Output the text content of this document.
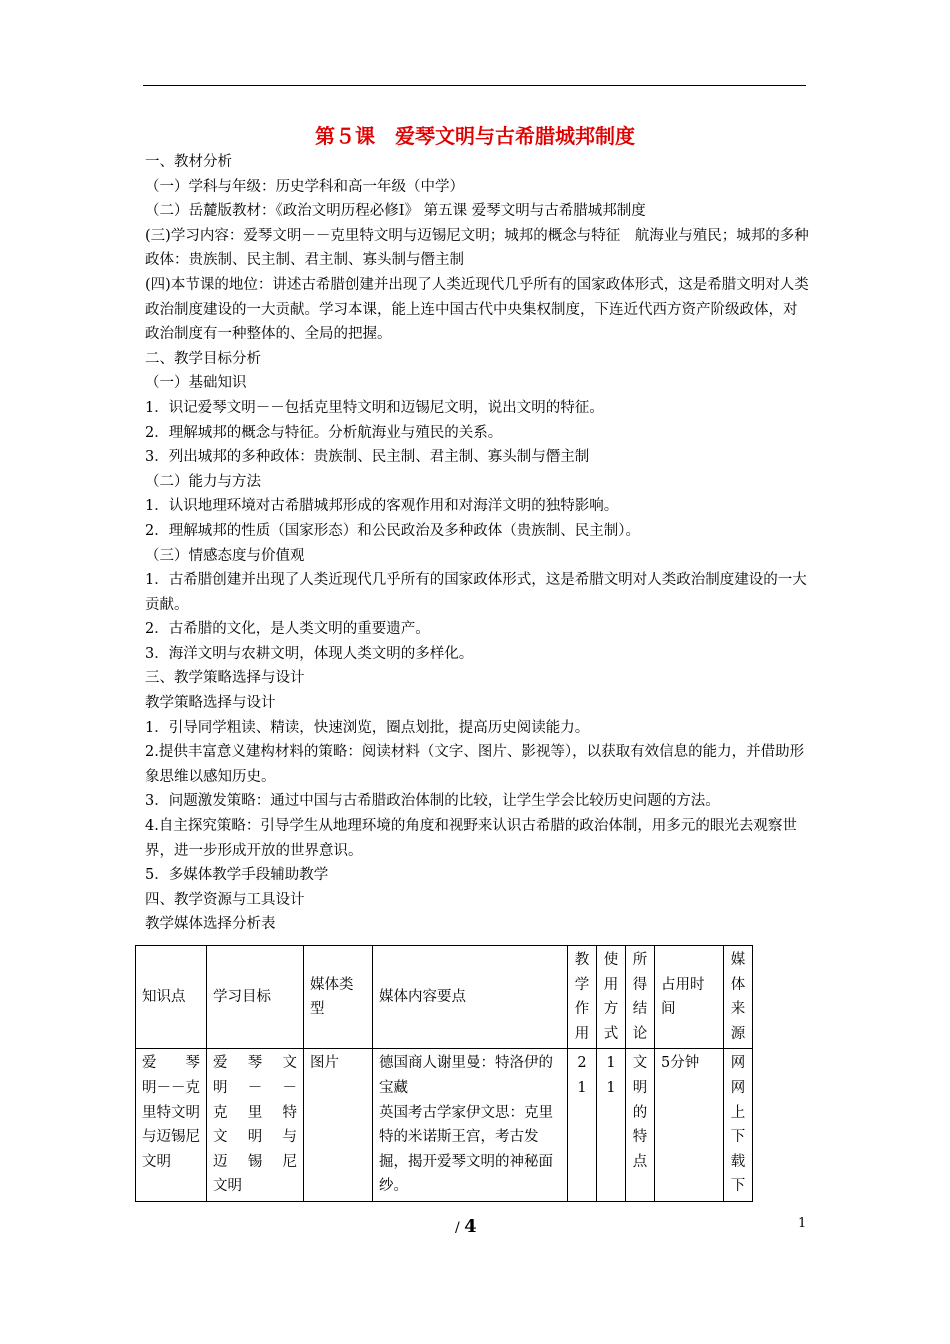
第５课　爱琴文明与古希腊城邦制度

一、教材分析

（一）学科与年级：历史学科和高一年级（中学）

（二）岳麓版教材：《政治文明历程必修Ⅰ》 第五课 爱琴文明与古希腊城邦制度

(三)学习内容：爱琴文明－－克里特文明与迈锡尼文明；城邦的概念与特征　航海业与殖民；城邦的多种政体：贵族制、民主制、君主制、寡头制与僭主制

(四)本节课的地位：讲述古希腊创建并出现了人类近现代几乎所有的国家政体形式，这是希腊文明对人类政治制度建设的一大贡献。学习本课，能上连中国古代中央集权制度，下连近代西方资产阶级政体，对政治制度有一种整体的、全局的把握。

二、教学目标分析

（一）基础知识

1．识记爱琴文明－－包括克里特文明和迈锡尼文明，说出文明的特征。

2．理解城邦的概念与特征。分析航海业与殖民的关系。

3．列出城邦的多种政体：贵族制、民主制、君主制、寡头制与僭主制

（二）能力与方法

1．认识地理环境对古希腊城邦形成的客观作用和对海洋文明的独特影响。

2．理解城邦的性质（国家形态）和公民政治及多种政体（贵族制、民主制）。

（三）情感态度与价值观

1．古希腊创建并出现了人类近现代几乎所有的国家政体形式，这是希腊文明对人类政治制度建设的一大贡献。

2．古希腊的文化，是人类文明的重要遗产。

3．海洋文明与农耕文明，体现人类文明的多样化。

三、教学策略选择与设计

教学策略选择与设计

1．引导同学粗读、精读，快速浏览，圈点划批，提高历史阅读能力。

2.提供丰富意义建构材料的策略：阅读材料（文字、图片、影视等），以获取有效信息的能力，并借助形象思维以感知历史。

3．问题激发策略：通过中国与古希腊政治体制的比较，让学生学会比较历史问题的方法。

4.自主探究策略：引导学生从地理环境的角度和视野来认识古希腊的政治体制，用多元的眼光去观察世界，进一步形成开放的世界意识。

5．多媒体教学手段辅助教学

四、教学资源与工具设计

教学媒体选择分析表

知识点	学习目标	媒体类型	媒体内容要点	教学作用	使用方式	所得结论	占用时间	媒体来源
爱　琴　明－－克里特文明与迈锡尼文明	爱　琴　文　明　－　－　克　里　特　文　明　与　迈　锡　尼　文明	图片	德国商人谢里曼：特洛伊的宝藏
英国考古学家伊文思：克里特的米诺斯王宫，考古发掘，揭开爱琴文明的神秘面纱。	2 1	1 1	文明的特点	5分钟	网网上下载下
/ 4	1
